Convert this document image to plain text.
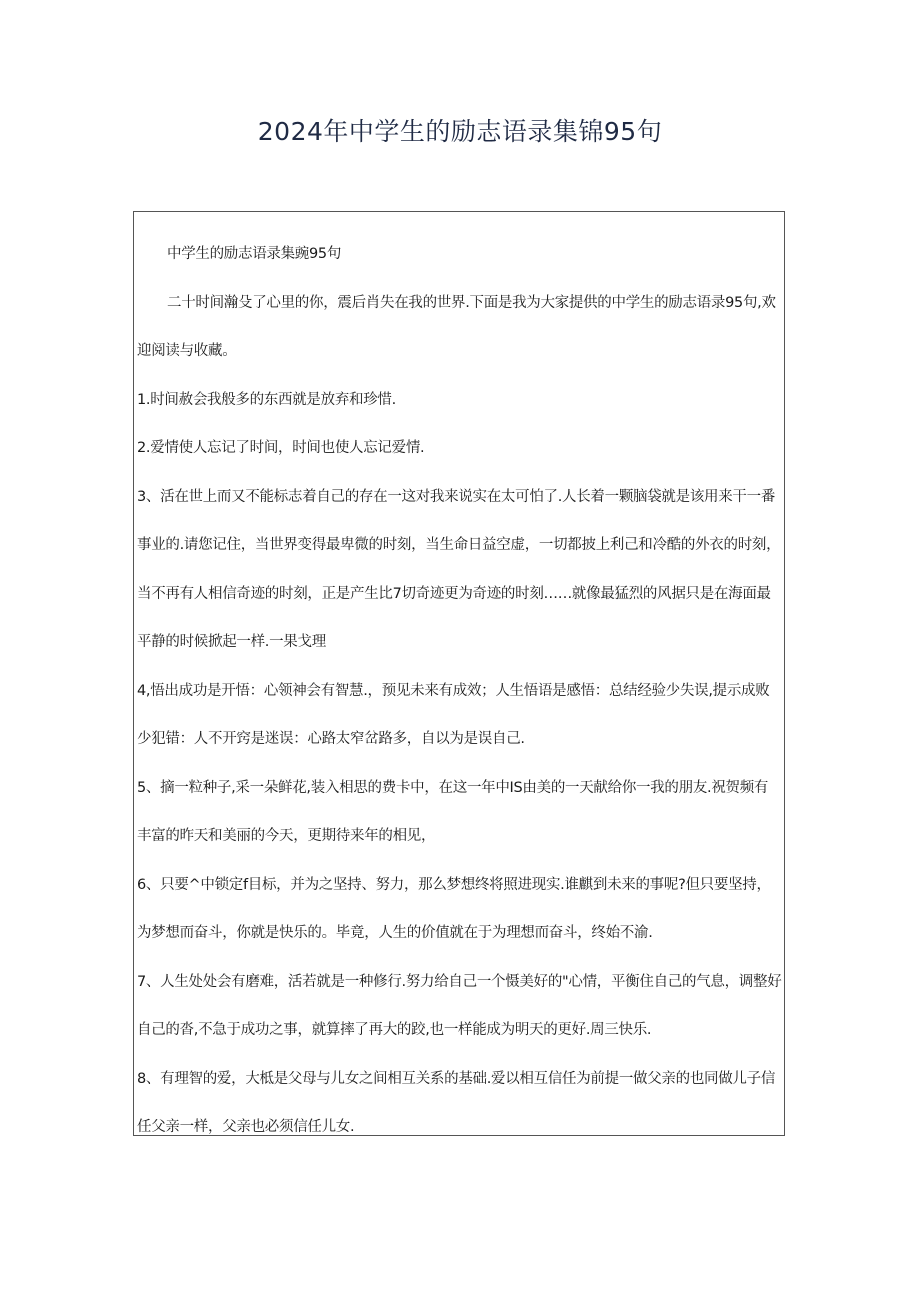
2024年中学生的励志语录集锦95句

中学生的励志语录集豌95句

二十时间瀚殳了心里的你，震后肖失在我的世界.下面是我为大家提供的中学生的励志语录95句,欢迎阅读与收藏。

1.时间赦会我般多的东西就是放弃和珍惜.

2.爱情使人忘记了时间，时间也使人忘记爱情.

3、活在世上而又不能标志着自己的存在一这对我来说实在太可怕了.人长着一颗脑袋就是该用来干一番事业的.请您记住，当世界变得最卑微的时刻，当生命日益空虚，一切都披上利己和冷酷的外衣的时刻，当不再有人相信奇迹的时刻，正是产生比7切奇迹更为奇迹的时刻……就像最猛烈的风据只是在海面最平静的时候掀起一样.一果戈理

4,悟出成功是开悟：心领神会有智慧.，预见未来有成效；人生悟语是感悟：总结经验少失误,提示成败少犯错：人不开窍是迷误：心路太窄岔路多，自以为是误自己.

5、摘一粒种子,采一朵鲜花,装入相思的费卡中，在这一年中IS由美的一天献给你一我的朋友.祝贺频有丰富的昨天和美丽的今天，更期待来年的相见，

6、只要^中锁定f目标，并为之坚持、努力，那么梦想终将照进现实.谁麒到未来的事呢?但只要坚持，为梦想而奋斗，你就是快乐的。毕竟，人生的价值就在于为理想而奋斗，终始不渝.

7、人生处处会有磨难，活若就是一种修行.努力给自己一个慑美好的"心情，平衡住自己的气息，调整好自己的沓,不急于成功之事，就算摔了再大的跤,也一样能成为明天的更好.周三快乐.

8、有理智的爱，大柢是父母与儿女之间相互关系的基础.爱以相互信任为前提一做父亲的也同做儿子信任父亲一样，父亲也必须信任儿女.
